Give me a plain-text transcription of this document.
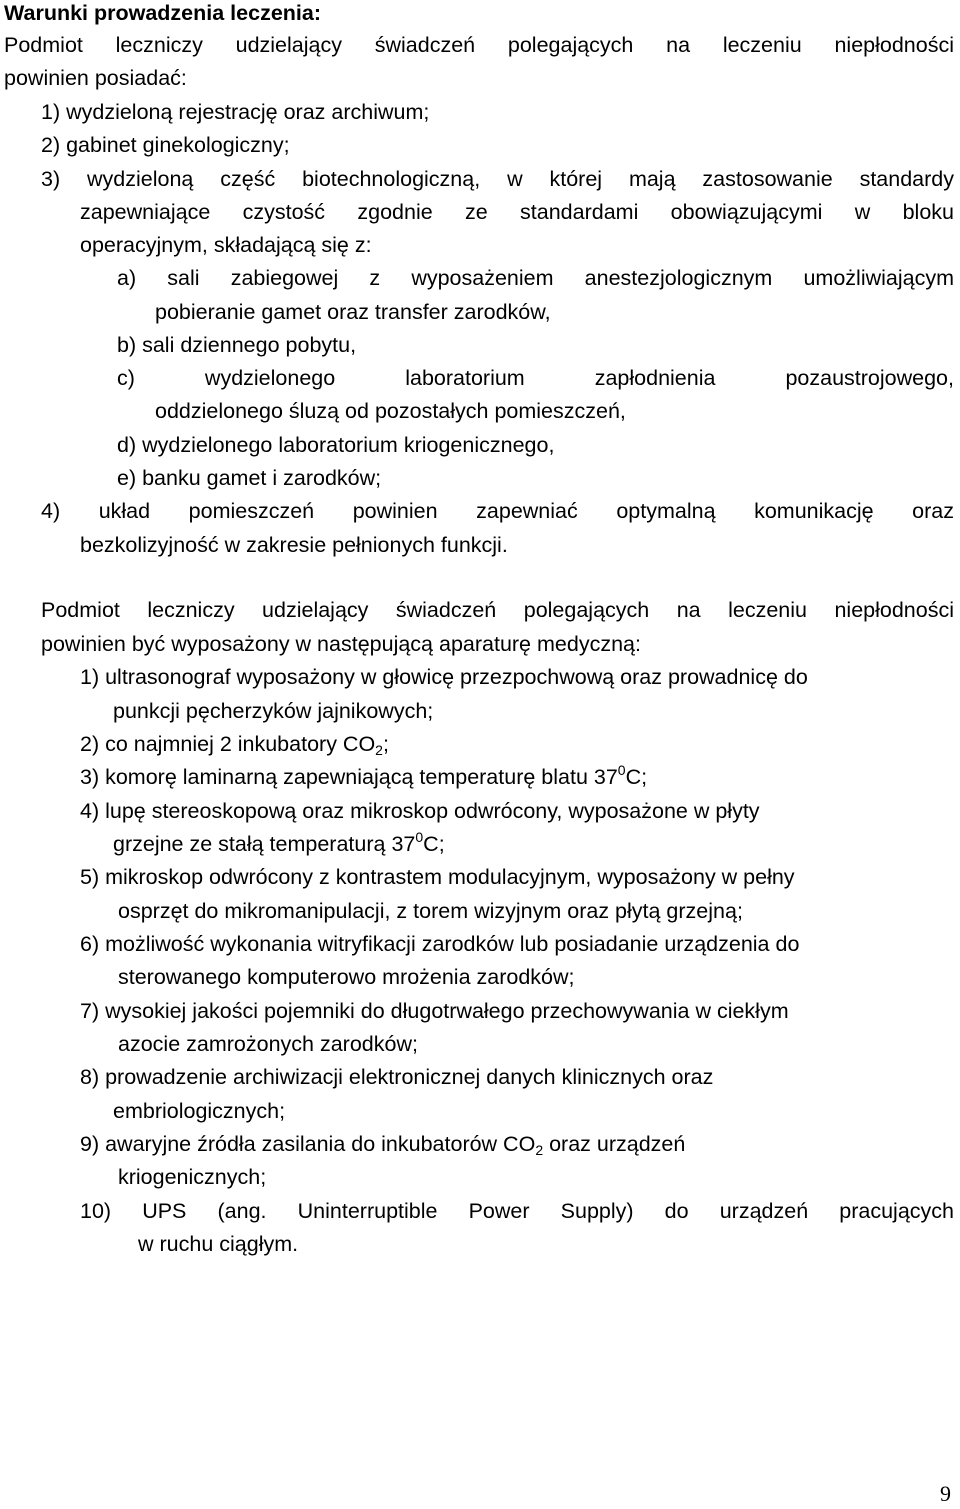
Warunki prowadzenia leczenia:
Podmiot leczniczy udzielający świadczeń polegających na leczeniu niepłodności
powinien posiadać:
1) wydzieloną rejestrację oraz archiwum;
2) gabinet ginekologiczny;
3) wydzieloną część biotechnologiczną, w której mają zastosowanie standardy
zapewniające czystość zgodnie ze standardami obowiązującymi w bloku
operacyjnym, składającą się z:
a) sali zabiegowej z wyposażeniem anestezjologicznym umożliwiającym
pobieranie gamet oraz transfer zarodków,
b) sali dziennego pobytu,
c) wydzielonego laboratorium zapłodnienia pozaustrojowego,
oddzielonego śluzą od pozostałych pomieszczeń,
d) wydzielonego laboratorium kriogenicznego,
e) banku gamet i zarodków;
4) układ pomieszczeń powinien zapewniać optymalną komunikację oraz
bezkolizyjność w zakresie pełnionych funkcji.
Podmiot leczniczy udzielający świadczeń polegających na leczeniu niepłodności
powinien być wyposażony w następującą aparaturę medyczną:
1) ultrasonograf wyposażony w głowicę przezpochwową oraz prowadnicę do
punkcji pęcherzyków jajnikowych;
2) co najmniej 2 inkubatory $CO_2$;
3) komorę laminarną zapewniającą temperaturę blatu $37^0C$;
4) lupę stereoskopową oraz mikroskop odwrócony, wyposażone w płyty
grzejne ze stałą temperaturą $37^0C$;
5) mikroskop odwrócony z kontrastem modulacyjnym, wyposażony w pełny
osprzęt do mikromanipulacji, z torem wizyjnym oraz płytą grzejną;
6) możliwość wykonania witryfikacji zarodków lub posiadanie urządzenia do
sterowanego komputerowo mrożenia zarodków;
7) wysokiej jakości pojemniki do długotrwałego przechowywania w ciekłym
azocie zamrożonych zarodków;
8) prowadzenie archiwizacji elektronicznej danych klinicznych oraz
embriologicznych;
9) awaryjne źródła zasilania do inkubatorów $CO_2$ oraz urządzeń
kriogenicznych;
10) UPS (ang. Uninterruptible Power Supply) do urządzeń pracujących
w ruchu ciągłym.
9
